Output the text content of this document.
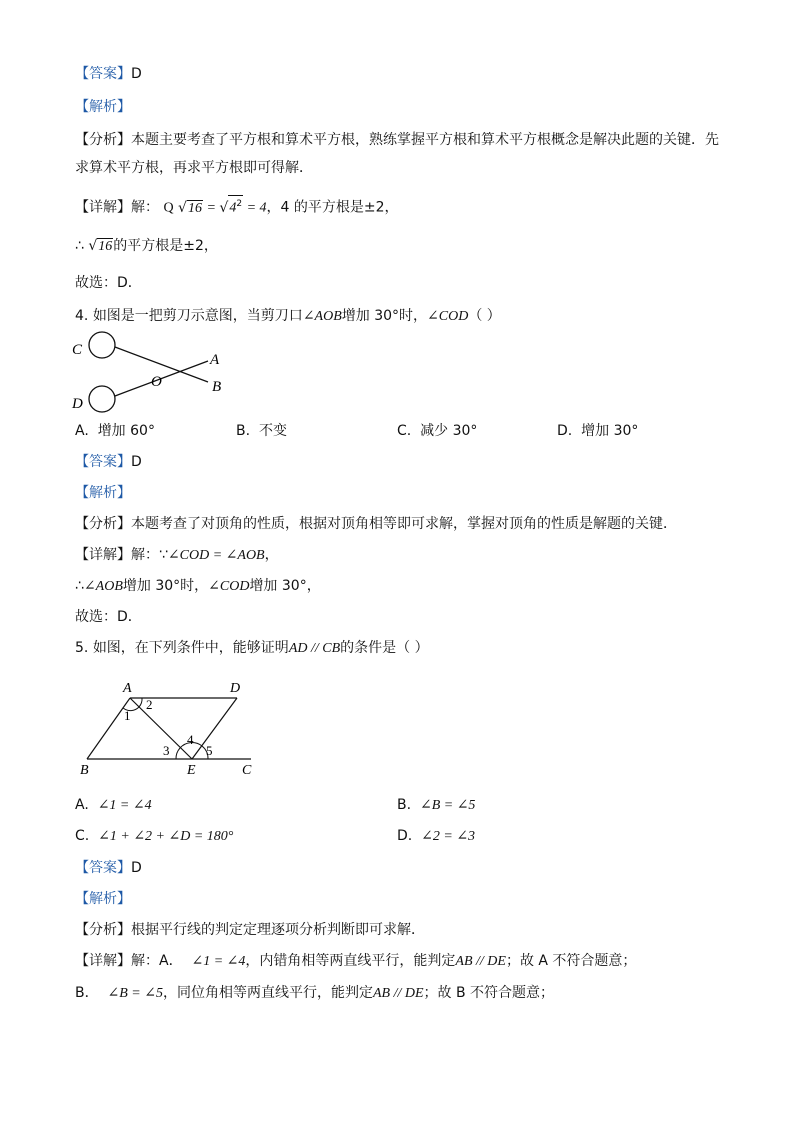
【答案】D
【解析】
【分析】本题主要考查了平方根和算术平方根，熟练掌握平方根和算术平方根概念是解决此题的关键．先
求算术平方根，再求平方根即可得解．
【详解】解： Q $√16 = √4^2 = 4$，4 的平方根是±2，
∴ √16的平方根是±2，
故选：D．
4. 如图是一把剪刀示意图，当剪刀口∠AOB增加 30°时，∠COD（ ）
C
D
A
B
O
A. 增加 60°	B. 不变	C. 减少 30°	D. 增加 30°
【答案】D
【解析】
【分析】本题考查了对顶角的性质，根据对顶角相等即可求解，掌握对顶角的性质是解题的关键．
【详解】解：∵∠COD = ∠AOB，
∴∠AOB增加 30°时，∠COD增加 30°，
故选：D．
5. 如图，在下列条件中，能够证明AD // CB的条件是（ ）
A	D
B	E	C
1
2
3
4
5
A. ∠1 = ∠4	B. ∠B = ∠5
C. ∠1 + ∠2 + ∠D = 180°	D. ∠2 = ∠3
【答案】D
【解析】
【分析】根据平行线的判定定理逐项分析判断即可求解．
【详解】解：A． ∠1 = ∠4，内错角相等两直线平行，能判定AB // DE；故 A 不符合题意；
B． ∠B = ∠5，同位角相等两直线平行，能判定AB // DE；故 B 不符合题意；
